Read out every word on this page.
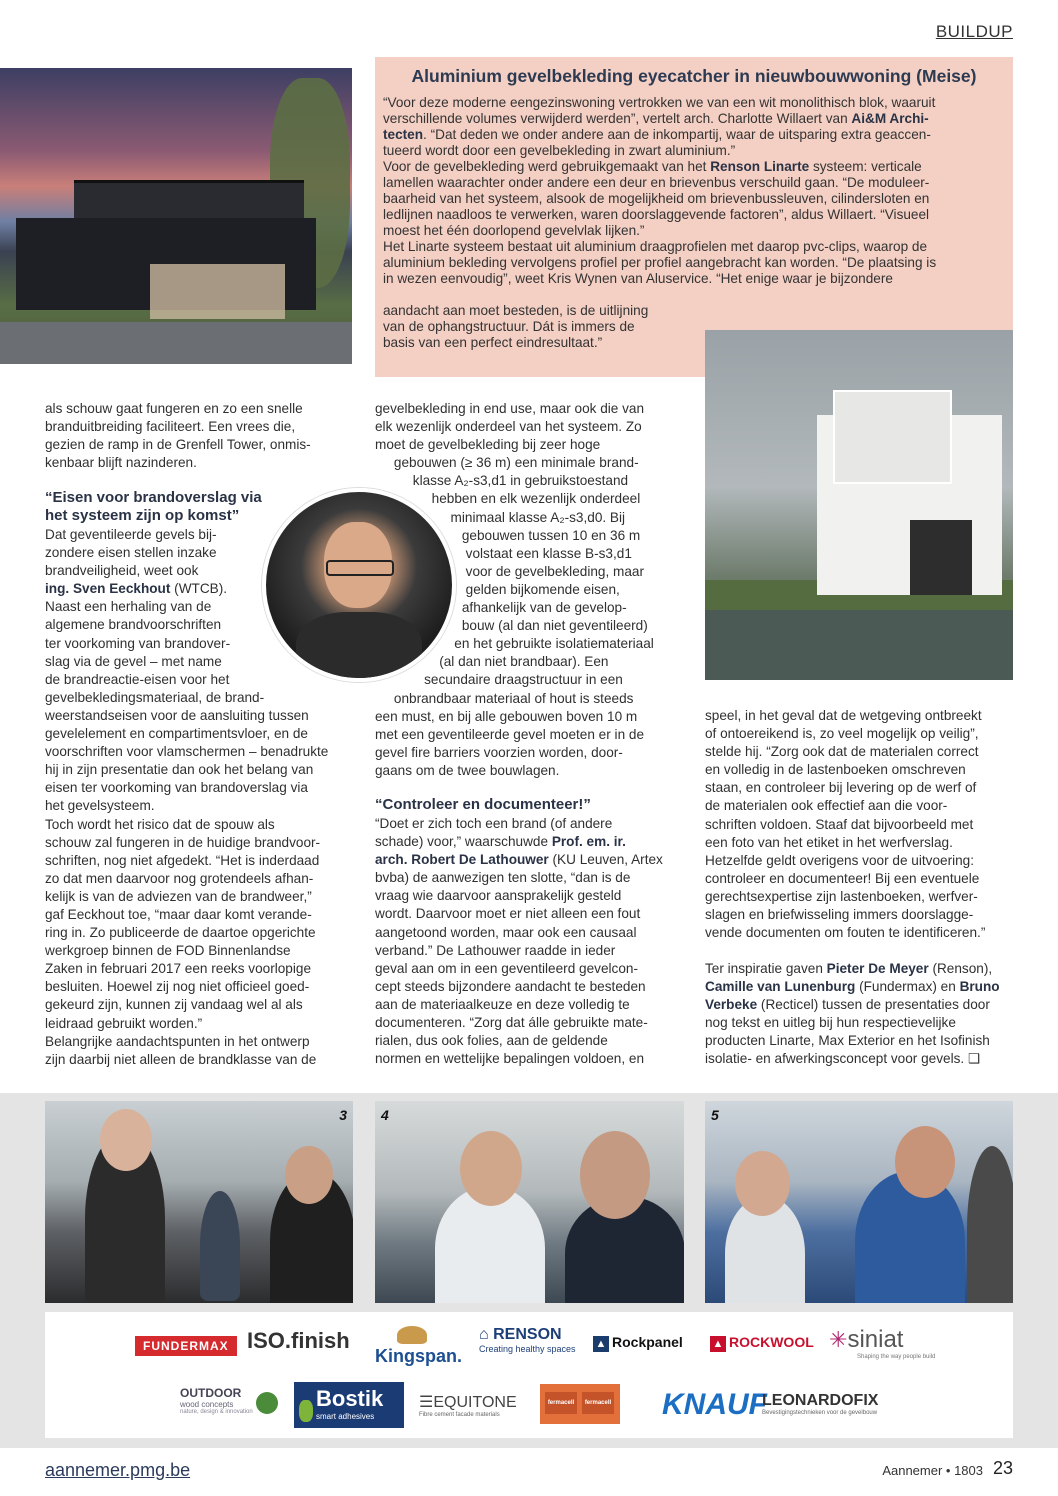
BUILDUP
Aluminium gevelbekleding eyecatcher in nieuwbouwwoning (Meise)
“Voor deze moderne eengezinswoning vertrokken we van een wit monolithisch blok, waaruit
verschillende volumes verwijderd werden”, vertelt arch. Charlotte Willaert van Ai&M Archi-
tecten. “Dat deden we onder andere aan de inkompartij, waar de uitsparing extra geaccen-
tueerd wordt door een gevelbekleding in zwart aluminium.”
Voor de gevelbekleding werd gebruikgemaakt van het Renson Linarte systeem: verticale
lamellen waarachter onder andere een deur en brievenbus verschuild gaan. “De moduleer-
baarheid van het systeem, alsook de mogelijkheid om brievenbussleuven, cilindersloten en
ledlijnen naadloos te verwerken, waren doorslaggevende factoren”, aldus Willaert. “Visueel
moest het één doorlopend gevelvlak lijken.”
Het Linarte systeem bestaat uit aluminium draagprofielen met daarop pvc-clips, waarop de
aluminium bekleding vervolgens profiel per profiel aangebracht kan worden. “De plaatsing is
in wezen eenvoudig”, weet Kris Wynen van Aluservice. “Het enige waar je bijzondere
aandacht aan moet besteden, is de uitlijning
van de ophangstructuur. Dát is immers de
basis van een perfect eindresultaat.”
als schouw gaat fungeren en zo een snelle
branduitbreiding faciliteert. Een vrees die,
gezien de ramp in de Grenfell Tower, onmis-
kenbaar blijft nazinderen.
“Eisen voor brandoverslag via
het systeem zijn op komst”
Dat geventileerde gevels bij-
zondere eisen stellen inzake
brandveiligheid, weet ook
ing. Sven Eeckhout (WTCB).
Naast een herhaling van de
algemene brandvoorschriften
ter voorkoming van brandover-
slag via de gevel – met name
de brandreactie-eisen voor het
gevelbekledingsmateriaal, de brand-
weerstandseisen voor de aansluiting tussen
gevelelement en compartimentsvloer, en de
voorschriften voor vlamschermen – benadrukte
hij in zijn presentatie dan ook het belang van
eisen ter voorkoming van brandoverslag via
het gevelsysteem.
Toch wordt het risico dat de spouw als
schouw zal fungeren in de huidige brandvoor-
schriften, nog niet afgedekt. “Het is inderdaad
zo dat men daarvoor nog grotendeels afhan-
kelijk is van de adviezen van de brandweer,”
gaf Eeckhout toe, “maar daar komt verande-
ring in. Zo publiceerde de daartoe opgerichte
werkgroep binnen de FOD Binnenlandse
Zaken in februari 2017 een reeks voorlopige
besluiten. Hoewel zij nog niet officieel goed-
gekeurd zijn, kunnen zij vandaag wel al als
leidraad gebruikt worden.”
Belangrijke aandachtspunten in het ontwerp
zijn daarbij niet alleen de brandklasse van de
gevelbekleding in end use, maar ook die van
elk wezenlijk onderdeel van het systeem. Zo
moet de gevelbekleding bij zeer hoge
gebouwen (≥ 36 m) een minimale brand-
klasse A₂-s3,d1 in gebruikstoestand
hebben en elk wezenlijk onderdeel
minimaal klasse A₂-s3,d0. Bij
gebouwen tussen 10 en 36 m
volstaat een klasse B-s3,d1
voor de gevelbekleding, maar
gelden bijkomende eisen,
afhankelijk van de gevelop-
bouw (al dan niet geventileerd)
en het gebruikte isolatiemateriaal
(al dan niet brandbaar). Een
secundaire draagstructuur in een
onbrandbaar materiaal of hout is steeds
een must, en bij alle gebouwen boven 10 m
met een geventileerde gevel moeten er in de
gevel fire barriers voorzien worden, door-
gaans om de twee bouwlagen.
“Controleer en documenteer!”
“Doet er zich toch een brand (of andere
schade) voor,” waarschuwde Prof. em. ir.
arch. Robert De Lathouwer (KU Leuven, Artex
bvba) de aanwezigen ten slotte, “dan is de
vraag wie daarvoor aansprakelijk gesteld
wordt. Daarvoor moet er niet alleen een fout
aangetoond worden, maar ook een causaal
verband.” De Lathouwer raadde in ieder
geval aan om in een geventileerd gevelcon-
cept steeds bijzondere aandacht te besteden
aan de materiaalkeuze en deze volledig te
documenteren. “Zorg dat álle gebruikte mate-
rialen, dus ook folies, aan de geldende
normen en wettelijke bepalingen voldoen, en
speel, in het geval dat de wetgeving ontbreekt
of ontoereikend is, zo veel mogelijk op veilig”,
stelde hij. “Zorg ook dat de materialen correct
en volledig in de lastenboeken omschreven
staan, en controleer bij levering op de werf of
de materialen ook effectief aan die voor-
schriften voldoen. Staaf dat bijvoorbeeld met
een foto van het etiket in het werfverslag.
Hetzelfde geldt overigens voor de uitvoering:
controleer en documenteer! Bij een eventuele
gerechtsexpertise zijn lastenboeken, werfver-
slagen en briefwisseling immers doorslagge-
vende documenten om fouten te identificeren.”
Ter inspiratie gaven Pieter De Meyer (Renson),
Camille van Lunenburg (Fundermax) en Bruno
Verbeke (Recticel) tussen de presentaties door
nog tekst en uitleg bij hun respectievelijke
producten Linarte, Max Exterior en het Isofinish
isolatie- en afwerkingsconcept voor gevels. ❑
3 4	5
FUNDERMAX ISO.finish
Kingspan.
⌂ RENSON
Creating healthy spaces	▲ Rockpanel	▲ ROCKWOOL ✳siniat
Shaping the way people build
OUTDOOR
wood concepts
nature, design & innovation
Bostik
smart adhesives
☰EQUITONE
Fibre cement facade materials
fermacell	fermacell KNAUF
LEONARDOFIX
Bevestigingstechnieken voor de gevelbouw
aannemer.pmg.be	Aannemer • 1803 23
